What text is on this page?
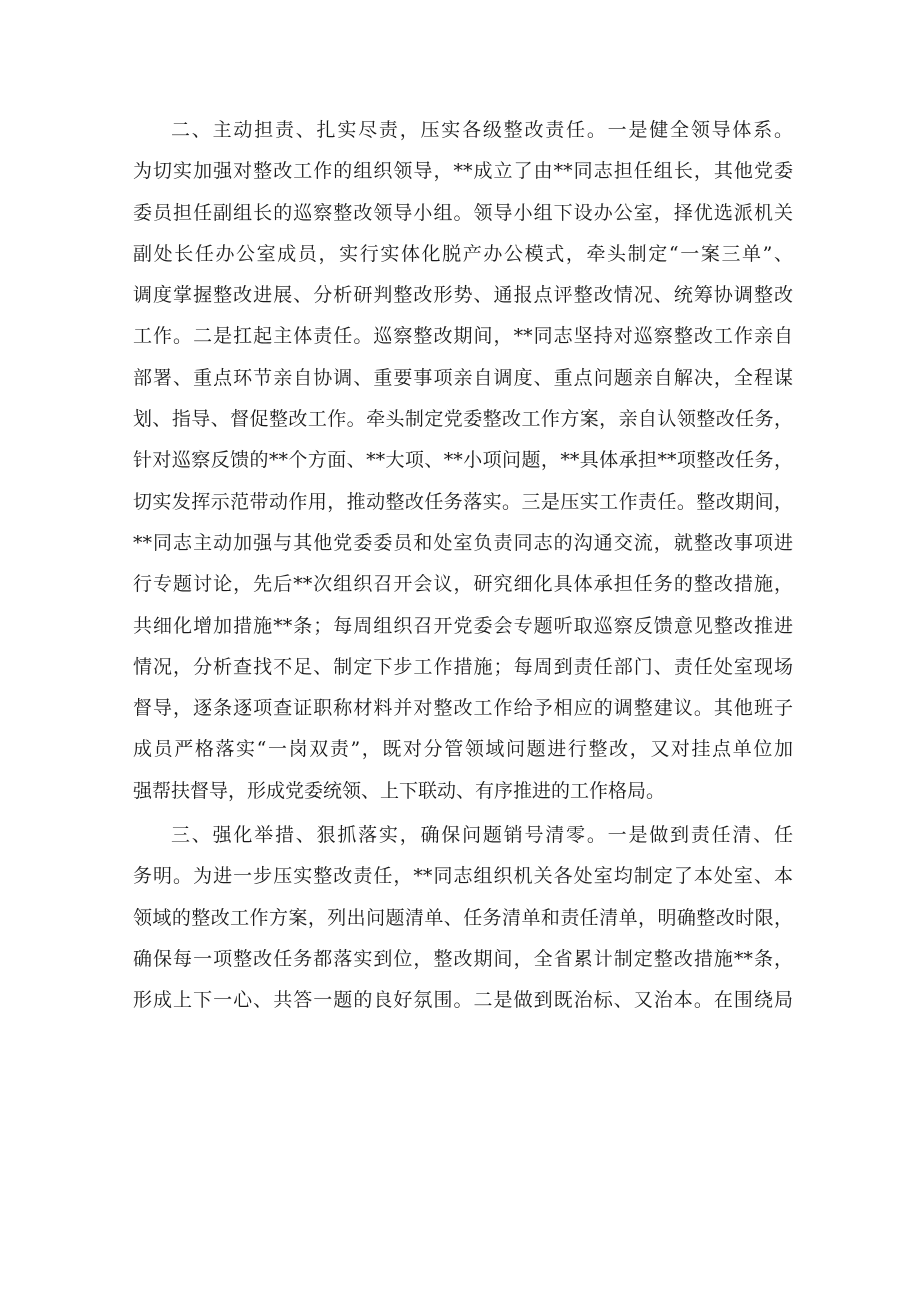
二、主动担责、扎实尽责，压实各级整改责任。一是健全领导体系。
为切实加强对整改工作的组织领导，**成立了由**同志担任组长，其他党委
委员担任副组长的巡察整改领导小组。领导小组下设办公室，择优选派机关
副处长任办公室成员，实行实体化脱产办公模式，牵头制定“一案三单”、
调度掌握整改进展、分析研判整改形势、通报点评整改情况、统筹协调整改
工作。二是扛起主体责任。巡察整改期间，**同志坚持对巡察整改工作亲自
部署、重点环节亲自协调、重要事项亲自调度、重点问题亲自解决，全程谋
划、指导、督促整改工作。牵头制定党委整改工作方案，亲自认领整改任务，
针对巡察反馈的**个方面、**大项、**小项问题，**具体承担**项整改任务，
切实发挥示范带动作用，推动整改任务落实。三是压实工作责任。整改期间，
**同志主动加强与其他党委委员和处室负责同志的沟通交流，就整改事项进
行专题讨论，先后**次组织召开会议，研究细化具体承担任务的整改措施，
共细化增加措施**条；每周组织召开党委会专题听取巡察反馈意见整改推进
情况，分析查找不足、制定下步工作措施；每周到责任部门、责任处室现场
督导，逐条逐项查证职称材料并对整改工作给予相应的调整建议。其他班子
成员严格落实“一岗双责”，既对分管领域问题进行整改，又对挂点单位加
强帮扶督导，形成党委统领、上下联动、有序推进的工作格局。
三、强化举措、狠抓落实，确保问题销号清零。一是做到责任清、任
务明。为进一步压实整改责任，**同志组织机关各处室均制定了本处室、本
领域的整改工作方案，列出问题清单、任务清单和责任清单，明确整改时限，
确保每一项整改任务都落实到位，整改期间，全省累计制定整改措施**条，
形成上下一心、共答一题的良好氛围。二是做到既治标、又治本。在围绕局
